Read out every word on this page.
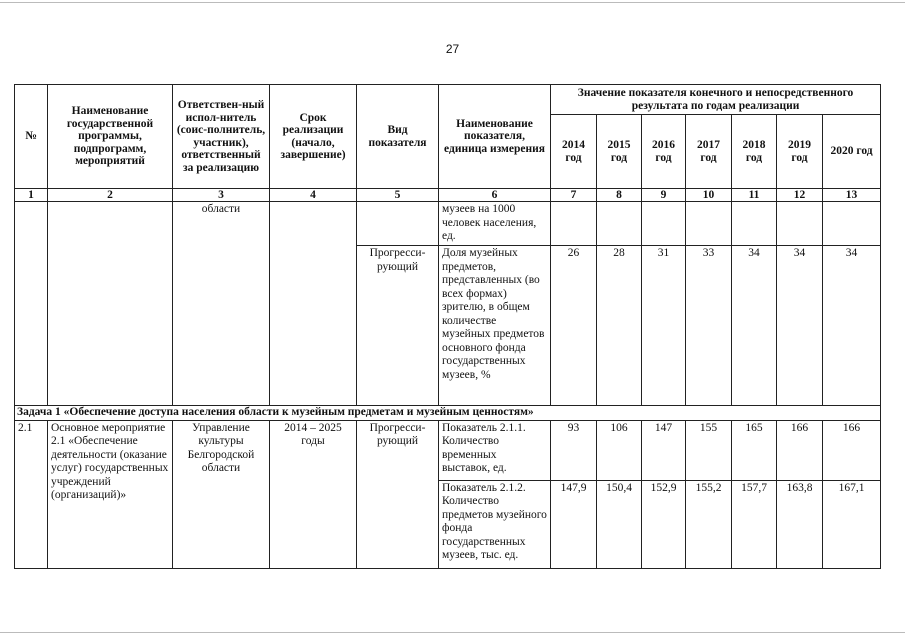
27
№	Наименование государственной программы, подпрограмм, мероприятий	Ответствен-ный испол-нитель (соис-полнитель, участник), ответственный за реализацию	Срок реализации (начало, завершение)	Вид показателя	Наименование показателя, единица измерения	Значение показателя конечного и непосредственного результата по годам реализации						
						2014 год	2015 год	2016 год	2017 год	2018 год	2019 год	2020 год
1	2	3	4	5	6	7	8	9	10	11	12	13
		области			музеев на 1000 человек населения, ед.							
				Прогресси-рующий	Доля музейных предметов, представленных (во всех формах) зрителю, в общем количестве музейных предметов основного фонда государственных музеев, %	26	28	31	33	34	34	34
Задача 1 «Обеспечение доступа населения области к музейным предметам и музейным ценностям»												
2.1	Основное мероприятие 2.1 «Обеспечение деятельности (оказание услуг) государственных учреждений (организаций)»	Управление культуры Белгородской области	2014 – 2025 годы	Прогресси-рующий	Показатель 2.1.1. Количество временных выставок, ед.	93	106	147	155	165	166	166
					Показатель 2.1.2. Количество предметов музейного фонда государственных музеев, тыс. ед.	147,9	150,4	152,9	155,2	157,7	163,8	167,1
